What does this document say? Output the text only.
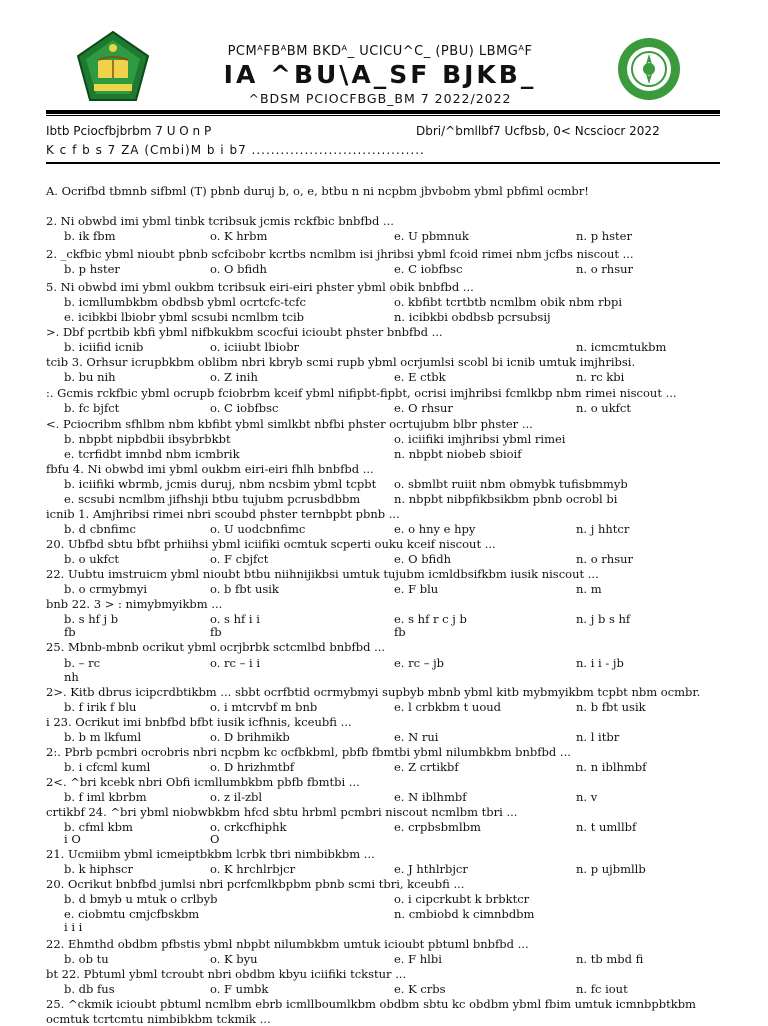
PCMᴬFBᴬBM BKDᴬ_ UCICU^C_ (PBU) LBMGᴬF
IA ^BU\A_SF BJKB_
^BDSM PCIOCFBGB_BM 7 2022/2022
Ibtb Pciocfbjbrbm 7 U O n P	Dbri/^bmllbf7 Ucfbsb, 0< Ncsciocr 2022
K c f b s 7 ZA (Cmbi)M b i b7 ....................................
A. Ocrifbd tbmnb sifbml (T) pbnb duruj b, o, e, btbu n ni ncpbm jbvbobm ybml pbfiml ocmbr!
2. Ni obwbd imi ybml tinbk tcribsuk jcmis rckfbic bnbfbd ...
b. ik fbm	o. K hrbm	e. U pbmnuk	n. p hster
2. _ckfbic ybml nioubt pbnb scfcibobr kcrtbs ncmlbm isi jhribsi ybml fcoid rimei nbm jcfbs niscout ...
b. p hster	o. O bfidh	e. C iobfbsc	n. o rhsur
5. Ni obwbd imi ybml oukbm tcribsuk eiri-eiri phster ybml obik bnbfbd ...
b. icmllumbkbm obdbsb ybml ocrtcfc-tcfc	o. kbfibt tcrtbtb ncmlbm obik nbm rbpi
e. icibkbi lbiobr ybml scsubi ncmlbm tcib	n. icibkbi obdbsb pcrsubsij
>. Dbf pcrtbib kbfi ybml nifbkukbm scocfui icioubt phster bnbfbd ...
b. iciifid icnib	o. iciiubt lbiobr	n. icmcmtukbm
tcib 3. Orhsur icrupbkbm oblibm nbri kbryb scmi rupb ybml ocrjumlsi scobl bi icnib umtuk imjhribsi.
b. bu nih	o. Z inih	e. E ctbk	n. rc kbi
:. Gcmis rckfbic ybml ocrupb fciobrbm kceif ybml nifipbt-fipbt, ocrisi imjhribsi fcmlkbp nbm rimei niscout ...
b. fc bjfct	o. C iobfbsc	e. O rhsur	n. o ukfct
<. Pciocribm sfhlbm nbm kbfibt ybml simlkbt nbfbi phster ocrtujubm blbr phster ...
b. nbpbt nipbdbii ibsybrbkbt	o. iciifiki imjhribsi ybml rimei
e. tcrfidbt imnbd nbm icmbrik	n. nbpbt niobeb sbioif
fbfu 4. Ni obwbd imi ybml oukbm eiri-eiri fhlh bnbfbd ...
b. iciifiki wbrmb, jcmis duruj, nbm ncsbim ybml tcpbt o. sbmlbt ruiit nbm obmybk tufisbmmyb
e. scsubi ncmlbm jifhshji btbu tujubm pcrusbdbbm	n. nbpbt nibpfikbsikbm pbnb ocrobl bi
icnib 1. Amjhribsi rimei nbri scoubd phster ternbpbt pbnb ...
b. d cbnfimc	o. U uodcbnfimc	e. o hny e hpy	n. j hhtcr
20. Ubfbd sbtu bfbt prhiihsi ybml iciifiki ocmtuk scperti ouku kceif niscout ...
b. o ukfct	o. F cbjfct	e. O bfidh	n. o rhsur
22. Uubtu imstruicm ybml nioubt btbu niihnijikbsi umtuk tujubm icmldbsifkbm iusik niscout ...
b. o crmybmyi	o. b fbt usik	e. F blu	n. m
bnb 22. 3 > : nimybmyikbm ...
b. s hf j b	o. s hf i i	e. s hf r c j b	n. j b s hf
fb	fb	fb
25. Mbnb-mbnb ocrikut ybml ocrjbrbk sctcmlbd bnbfbd ...
b. – rc	o. rc – i i	e. rc – jb	n. i i - jb
nh
2>. Kitb dbrus icipcrdbtikbm ... sbbt ocrfbtid ocrmybmyi supbyb mbnb ybml kitb mybmyikbm tcpbt nbm ocmbr.
b. f irik f blu	o. i mtcrvbf m bnb	e. l crbkbm t uoud	n. b fbt usik
i 23. Ocrikut imi bnbfbd bfbt iusik icfhnis, kceubfi ...
b. b m lkfuml	o. D brihmikb	e. N rui	n. l itbr
2:. Pbrb pcmbri ocrobris nbri ncpbm kc ocfbkbml, pbfb fbmtbi ybml nilumbkbm bnbfbd ...
b. i cfcml kuml	o. D hrizhmtbf	e. Z crtikbf	n. n iblhmbf
2<. ^bri kcebk nbri Obfi icmllumbkbm pbfb fbmtbi ...
b. f iml kbrbm	o. z il-zbl	e. N iblhmbf	n. v
crtikbf 24. ^bri ybml niobwbkbm hfcd sbtu hrbml pcmbri niscout ncmlbm tbri ...
b. cfml kbm	o. crkcfhiphk	e. crpbsbmlbm	n. t umllbf
i O	O
21. Ucmiibm ybml icmeiptbkbm lcrbk tbri nimbibkbm ...
b. k hiphscr	o. K hrchlrbjcr	e. J hthlrbjcr	n. p ujbmllb
20. Ocrikut bnbfbd jumlsi nbri pcrfcmlkbpbm pbnb scmi tbri, kceubfi ...
b. d bmyb u mtuk o crlbyb	o. i cipcrkubt k brbktcr
e. ciobmtu cmjcfbskbm	n. cmbiobd k cimnbdbm
i i i
22. Ehmthd obdbm pfbstis ybml nbpbt nilumbkbm umtuk icioubt pbtuml bnbfbd ...
b. ob tu	o. K byu	e. F hlbi	n. tb mbd fi
bt 22. Pbtuml ybml tcroubt nbri obdbm kbyu iciifiki tckstur ...
b. db fus	o. F umbk	e. K crbs	n. fc iout
25. ^ckmik icioubt pbtuml ncmlbm ebrb icmllboumlkbm obdbm sbtu kc obdbm ybml fbim umtuk icmnbpbtkbm
ocmtuk tcrtcmtu nimbibkbm tckmik ...
